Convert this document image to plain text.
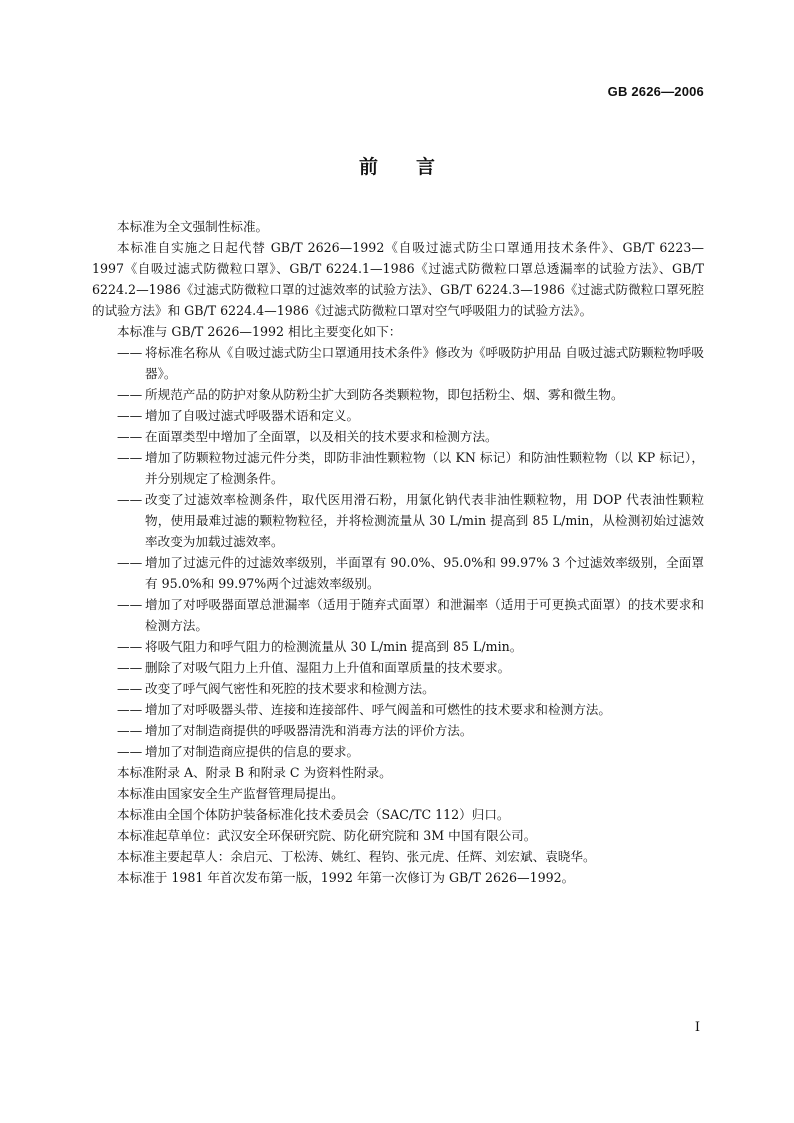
GB 2626—2006
前言

本标准为全文强制性标准。

本标准自实施之日起代替 GB/T 2626—1992《自吸过滤式防尘口罩通用技术条件》、GB/T 6223—1997《自吸过滤式防微粒口罩》、GB/T 6224.1—1986《过滤式防微粒口罩总透漏率的试验方法》、GB/T 6224.2—1986《过滤式防微粒口罩的过滤效率的试验方法》、GB/T 6224.3—1986《过滤式防微粒口罩死腔的试验方法》和 GB/T 6224.4—1986《过滤式防微粒口罩对空气呼吸阻力的试验方法》。

本标准与 GB/T 2626—1992 相比主要变化如下：

—— 将标准名称从《自吸过滤式防尘口罩通用技术条件》修改为《呼吸防护用品 自吸过滤式防颗粒物呼吸器》。
—— 所规范产品的防护对象从防粉尘扩大到防各类颗粒物，即包括粉尘、烟、雾和微生物。
—— 增加了自吸过滤式呼吸器术语和定义。
—— 在面罩类型中增加了全面罩，以及相关的技术要求和检测方法。
—— 增加了防颗粒物过滤元件分类，即防非油性颗粒物（以 KN 标记）和防油性颗粒物（以 KP 标记），并分别规定了检测条件。
—— 改变了过滤效率检测条件，取代医用滑石粉，用氯化钠代表非油性颗粒物，用 DOP 代表油性颗粒物，使用最难过滤的颗粒物粒径，并将检测流量从 30 L/min 提高到 85 L/min，从检测初始过滤效率改变为加载过滤效率。
—— 增加了过滤元件的过滤效率级别，半面罩有 90.0%、95.0%和 99.97% 3 个过滤效率级别，全面罩有 95.0%和 99.97%两个过滤效率级别。
—— 增加了对呼吸器面罩总泄漏率（适用于随弃式面罩）和泄漏率（适用于可更换式面罩）的技术要求和检测方法。
—— 将吸气阻力和呼气阻力的检测流量从 30 L/min 提高到 85 L/min。
—— 删除了对吸气阻力上升值、湿阻力上升值和面罩质量的技术要求。
—— 改变了呼气阀气密性和死腔的技术要求和检测方法。
—— 增加了对呼吸器头带、连接和连接部件、呼气阀盖和可燃性的技术要求和检测方法。
—— 增加了对制造商提供的呼吸器清洗和消毒方法的评价方法。
—— 增加了对制造商应提供的信息的要求。

本标准附录 A、附录 B 和附录 C 为资料性附录。

本标准由国家安全生产监督管理局提出。

本标准由全国个体防护装备标准化技术委员会（SAC/TC 112）归口。

本标准起草单位：武汉安全环保研究院、防化研究院和 3M 中国有限公司。

本标准主要起草人：余启元、丁松涛、姚红、程钧、张元虎、任辉、刘宏斌、袁晓华。

本标准于 1981 年首次发布第一版，1992 年第一次修订为 GB/T 2626—1992。

I
